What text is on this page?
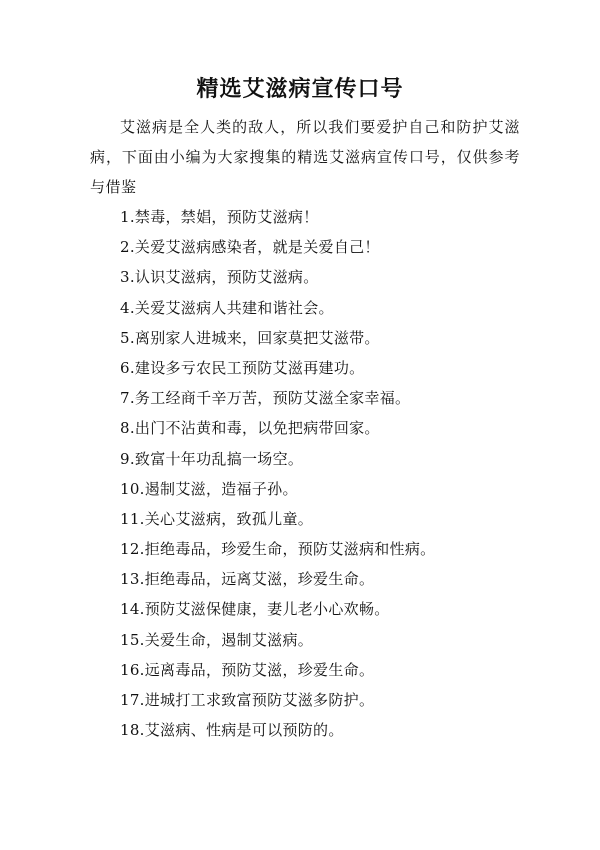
精选艾滋病宣传口号

艾滋病是全人类的敌人，所以我们要爱护自己和防护艾滋病，下面由小编为大家搜集的精选艾滋病宣传口号，仅供参考与借鉴

1.禁毒，禁娼，预防艾滋病！
2.关爱艾滋病感染者，就是关爱自己！
3.认识艾滋病，预防艾滋病。
4.关爱艾滋病人共建和谐社会。
5.离别家人进城来，回家莫把艾滋带。
6.建设多亏农民工预防艾滋再建功。
7.务工经商千辛万苦，预防艾滋全家幸福。
8.出门不沾黄和毒，以免把病带回家。
9.致富十年功乱搞一场空。
10.遏制艾滋，造福子孙。
11.关心艾滋病，致孤儿童。
12.拒绝毒品，珍爱生命，预防艾滋病和性病。
13.拒绝毒品，远离艾滋，珍爱生命。
14.预防艾滋保健康，妻儿老小心欢畅。
15.关爱生命，遏制艾滋病。
16.远离毒品，预防艾滋，珍爱生命。
17.进城打工求致富预防艾滋多防护。
18.艾滋病、性病是可以预防的。
